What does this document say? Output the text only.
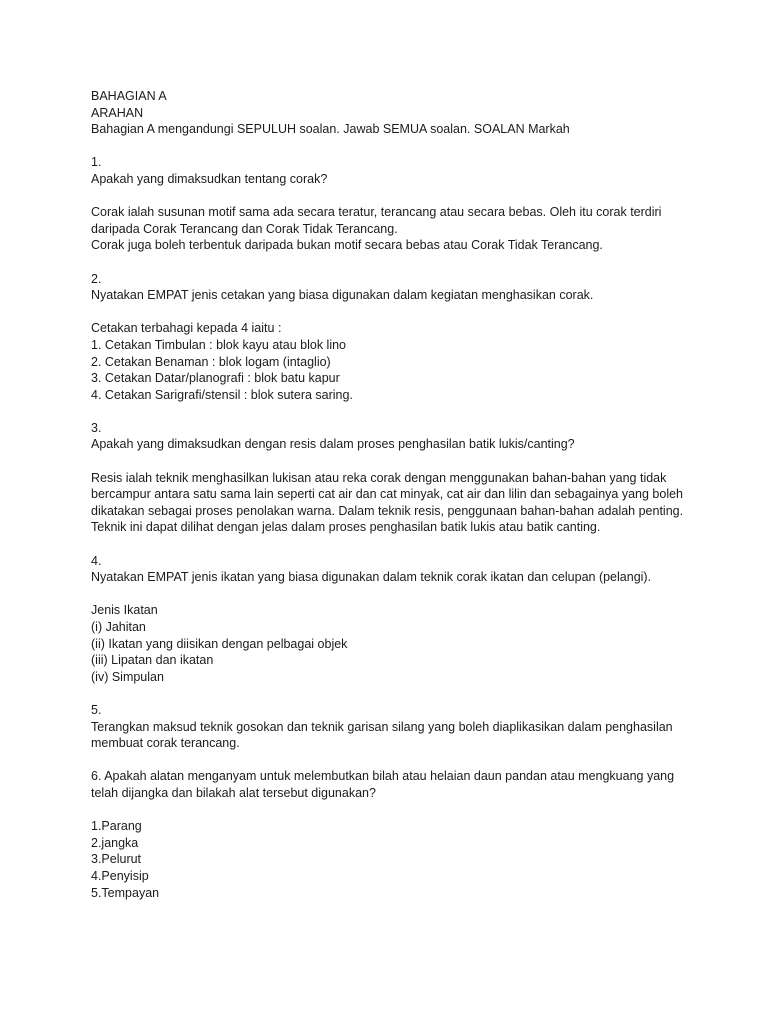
BAHAGIAN A
ARAHAN
Bahagian A mengandungi SEPULUH soalan. Jawab SEMUA soalan. SOALAN Markah
1.
Apakah yang dimaksudkan tentang corak?
Corak ialah susunan motif sama ada secara teratur, terancang atau secara bebas. Oleh itu corak terdiri
daripada Corak Terancang dan Corak Tidak Terancang.
Corak juga boleh terbentuk daripada bukan motif secara bebas atau Corak Tidak Terancang.
2.
Nyatakan EMPAT jenis cetakan yang biasa digunakan dalam kegiatan menghasikan corak.
Cetakan terbahagi kepada 4 iaitu :
1. Cetakan Timbulan : blok kayu atau blok lino
2. Cetakan Benaman : blok logam (intaglio)
3. Cetakan Datar/planografi : blok batu kapur
4. Cetakan Sarigrafi/stensil : blok sutera saring.
3.
Apakah yang dimaksudkan dengan resis dalam proses penghasilan batik lukis/canting?
Resis ialah teknik menghasilkan lukisan atau reka corak dengan menggunakan bahan-bahan yang tidak
bercampur antara satu sama lain seperti cat air dan cat minyak, cat air dan lilin dan sebagainya yang boleh
dikatakan sebagai proses penolakan warna. Dalam teknik resis, penggunaan bahan-bahan adalah penting.
Teknik ini dapat dilihat dengan jelas dalam proses penghasilan batik lukis atau batik canting.
4.
Nyatakan EMPAT jenis ikatan yang biasa digunakan dalam teknik corak ikatan dan celupan (pelangi).
Jenis Ikatan
(i) Jahitan
(ii) Ikatan yang diisikan dengan pelbagai objek
(iii) Lipatan dan ikatan
(iv) Simpulan
5.
Terangkan maksud teknik gosokan dan teknik garisan silang yang boleh diaplikasikan dalam penghasilan
membuat corak terancang.
6. Apakah alatan menganyam untuk melembutkan bilah atau helaian daun pandan atau mengkuang yang
telah dijangka dan bilakah alat tersebut digunakan?
1.Parang
2.jangka
3.Pelurut
4.Penyisip
5.Tempayan
